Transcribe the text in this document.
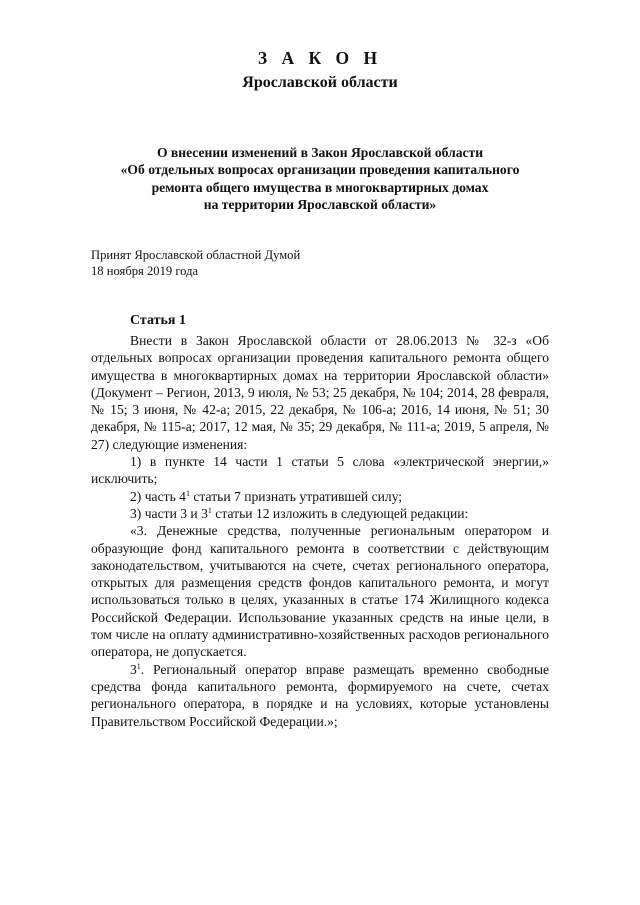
З А К О Н
Ярославской области
О внесении изменений в Закон Ярославской области
«Об отдельных вопросах организации проведения капитального
ремонта общего имущества в многоквартирных домах
на территории Ярославской области»
Принят Ярославской областной Думой
18 ноября 2019 года
Статья 1

Внести в Закон Ярославской области от 28.06.2013 № 32-з «Об отдельных вопросах организации проведения капитального ремонта общего имущества в многоквартирных домах на территории Ярославской области» (Документ – Регион, 2013, 9 июля, № 53; 25 декабря, № 104; 2014, 28 февраля, № 15; 3 июня, № 42-а; 2015, 22 декабря, № 106-а; 2016, 14 июня, № 51; 30 декабря, № 115-а; 2017, 12 мая, № 35; 29 декабря, № 111-а; 2019, 5 апреля, № 27) следующие изменения:

1) в пункте 14 части 1 статьи 5 слова «электрической энергии,» исключить;

2) часть $4^1$ статьи 7 признать утратившей силу;

3) части 3 и $3^1$ статьи 12 изложить в следующей редакции:

«3. Денежные средства, полученные региональным оператором и образующие фонд капитального ремонта в соответствии с действующим законодательством, учитываются на счете, счетах регионального оператора, открытых для размещения средств фондов капитального ремонта, и могут использоваться только в целях, указанных в статье 174 Жилищного кодекса Российской Федерации. Использование указанных средств на иные цели, в том числе на оплату административно-хозяйственных расходов регионального оператора, не допускается.

$3^1$. Региональный оператор вправе размещать временно свободные средства фонда капитального ремонта, формируемого на счете, счетах регионального оператора, в порядке и на условиях, которые установлены Правительством Российской Федерации.»;
